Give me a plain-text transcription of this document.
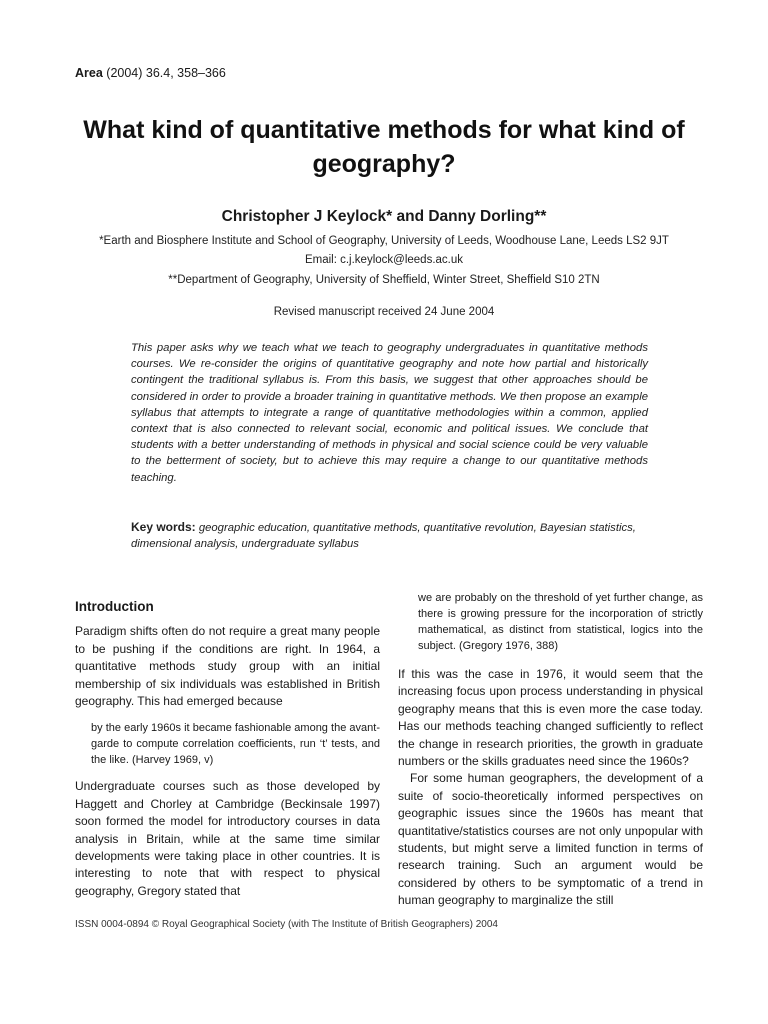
Area (2004) 36.4, 358–366
What kind of quantitative methods for what kind of geography?
Christopher J Keylock* and Danny Dorling**
*Earth and Biosphere Institute and School of Geography, University of Leeds, Woodhouse Lane, Leeds LS2 9JT
Email: c.j.keylock@leeds.ac.uk
**Department of Geography, University of Sheffield, Winter Street, Sheffield S10 2TN
Revised manuscript received 24 June 2004
This paper asks why we teach what we teach to geography undergraduates in quantitative methods courses. We re-consider the origins of quantitative geography and note how partial and historically contingent the traditional syllabus is. From this basis, we suggest that other approaches should be considered in order to provide a broader training in quantitative methods. We then propose an example syllabus that attempts to integrate a range of quantitative methodologies within a common, applied context that is also connected to relevant social, economic and political issues. We conclude that students with a better understanding of methods in physical and social science could be very valuable to the betterment of society, but to achieve this may require a change to our quantitative methods teaching.
Key words: geographic education, quantitative methods, quantitative revolution, Bayesian statistics, dimensional analysis, undergraduate syllabus

Introduction

Paradigm shifts often do not require a great many people to be pushing if the conditions are right. In 1964, a quantitative methods study group with an initial membership of six individuals was established in British geography. This had emerged because

by the early 1960s it became fashionable among the avant-garde to compute correlation coefficients, run ‘t’ tests, and the like. (Harvey 1969, v)

Undergraduate courses such as those developed by Haggett and Chorley at Cambridge (Beckinsale 1997) soon formed the model for introductory courses in data analysis in Britain, while at the same time similar developments were taking place in other countries. It is interesting to note that with respect to physical geography, Gregory stated that

we are probably on the threshold of yet further change, as there is growing pressure for the incorporation of strictly mathematical, as distinct from statistical, logics into the subject. (Gregory 1976, 388)

If this was the case in 1976, it would seem that the increasing focus upon process understanding in physical geography means that this is even more the case today. Has our methods teaching changed sufficiently to reflect the change in research priorities, the growth in graduate numbers or the skills graduates need since the 1960s?

For some human geographers, the development of a suite of socio-theoretically informed perspectives on geographic issues since the 1960s has meant that quantitative/statistics courses are not only unpopular with students, but might serve a limited function in terms of research training. Such an argument would be considered by others to be symptomatic of a trend in human geography to marginalize the still

ISSN 0004-0894 © Royal Geographical Society (with The Institute of British Geographers) 2004
